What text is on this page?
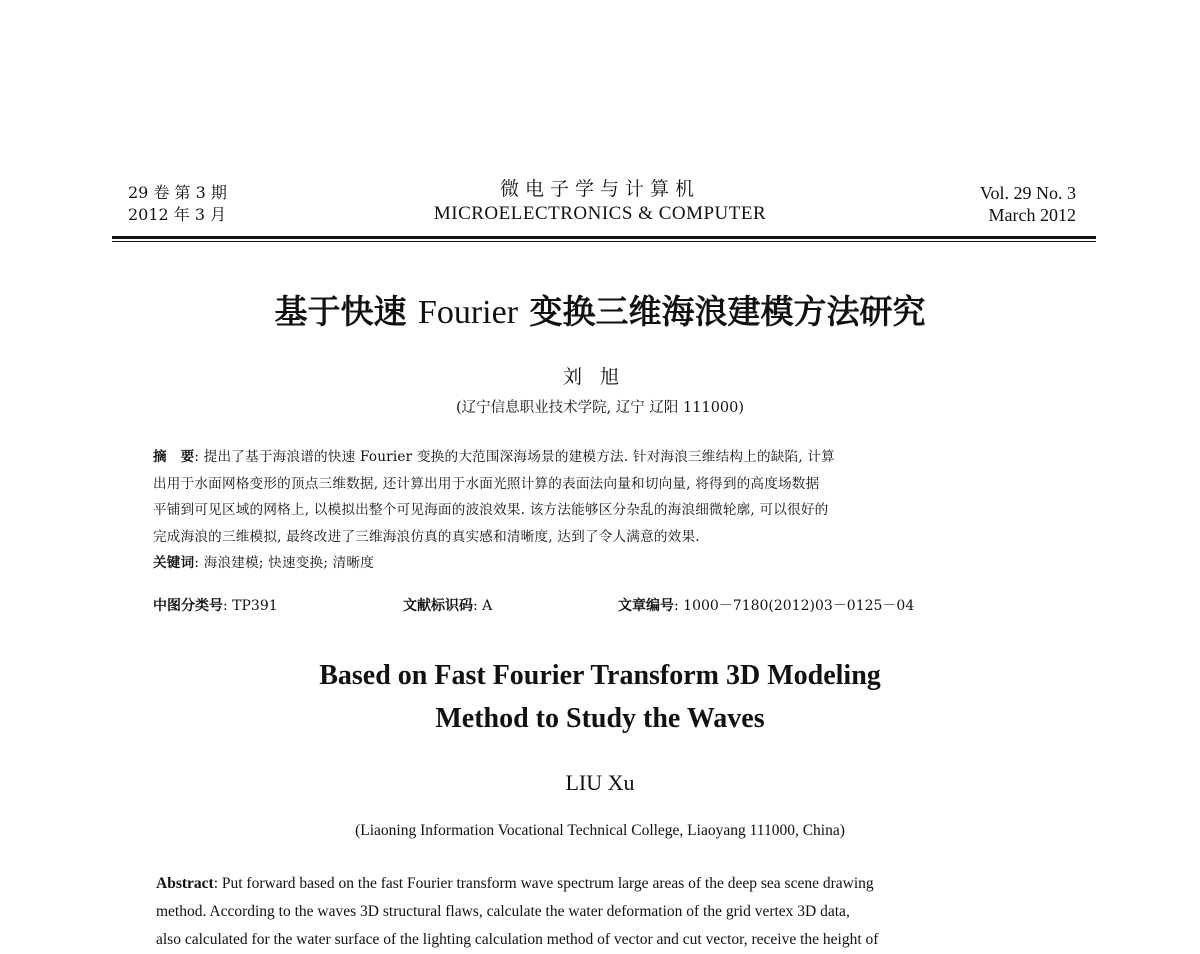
29 卷 第 3 期
2012 年 3 月
微电子学与计算机
MICROELECTRONICS & COMPUTER
Vol. 29 No. 3
March 2012
基于快速 Fourier 变换三维海浪建模方法研究
刘旭
(辽宁信息职业技术学院, 辽宁 辽阳 111000)

摘　要: 提出了基于海浪谱的快速 Fourier 变换的大范围深海场景的建模方法. 针对海浪三维结构上的缺陷, 计算

出用于水面网格变形的顶点三维数据, 还计算出用于水面光照计算的表面法向量和切向量, 将得到的高度场数据

平铺到可见区域的网格上, 以模拟出整个可见海面的波浪效果. 该方法能够区分杂乱的海浪细微轮廓, 可以很好的

完成海浪的三维模拟, 最终改进了三维海浪仿真的真实感和清晰度, 达到了令人满意的效果.

关键词: 海浪建模; 快速变换; 清晰度

中图分类号: TP391	文献标识码: A	文章编号: 1000－7180(2012)03－0125－04
Based on Fast Fourier Transform 3D Modeling
Method to Study the Waves
LIU Xu
(Liaoning Information Vocational Technical College, Liaoyang 111000, China)

Abstract: Put forward based on the fast Fourier transform wave spectrum large areas of the deep sea scene drawing

method. According to the waves 3D structural flaws, calculate the water deformation of the grid vertex 3D data,

also calculated for the water surface of the lighting calculation method of vector and cut vector, receive the height of
